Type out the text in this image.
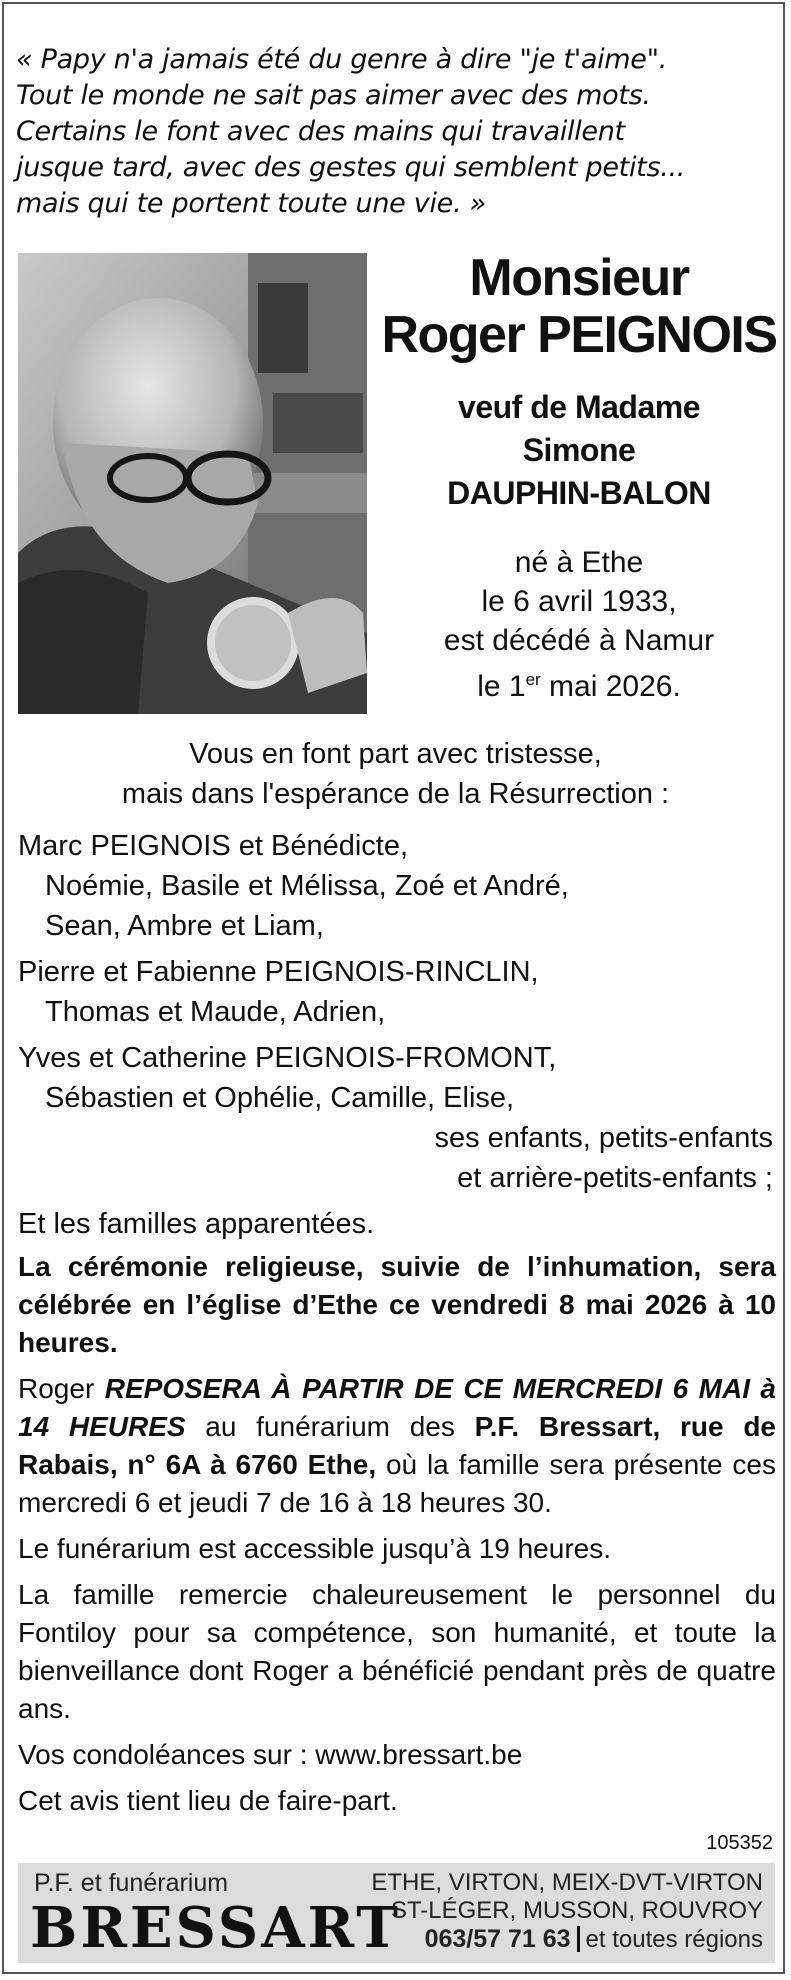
« Papy n'a jamais été du genre à dire "je t'aime".
Tout le monde ne sait pas aimer avec des mots.
Certains le font avec des mains qui travaillent
jusque tard, avec des gestes qui semblent petits...
mais qui te portent toute une vie. »
Monsieur
Roger PEIGNOIS
veuf de Madame
Simone
DAUPHIN-BALON
né à Ethe
le 6 avril 1933,
est décédé à Namur
le 1er mai 2026.
Vous en font part avec tristesse,
mais dans l'espérance de la Résurrection :
Marc PEIGNOIS et Bénédicte,
Noémie, Basile et Mélissa, Zoé et André,
Sean, Ambre et Liam,
Pierre et Fabienne PEIGNOIS-RINCLIN,
Thomas et Maude, Adrien,
Yves et Catherine PEIGNOIS-FROMONT,
Sébastien et Ophélie, Camille, Elise,
ses enfants, petits-enfants
et arrière-petits-enfants ;
Et les familles apparentées.

La cérémonie religieuse, suivie de l’inhumation, sera célébrée en l’église d’Ethe ce vendredi 8 mai 2026 à 10 heures.

Roger REPOSERA À PARTIR DE CE MERCREDI 6 MAI à 14 HEURES au funérarium des P.F. Bressart, rue de Rabais, n° 6A à 6760 Ethe, où la famille sera présente ces mercredi 6 et jeudi 7 de 16 à 18 heures 30.

Le funérarium est accessible jusqu’à 19 heures.

La famille remercie chaleureusement le personnel du Fontiloy pour sa compétence, son humanité, et toute la bienveillance dont Roger a bénéficié pendant près de quatre ans.

Vos condoléances sur : www.bressart.be

Cet avis tient lieu de faire-part.

105352
P.F. et funérarium
BRESSART
ETHE, VIRTON, MEIX-DVT-VIRTON
ST-LÉGER, MUSSON, ROUVROY
063/57 71 63 et toutes régions
